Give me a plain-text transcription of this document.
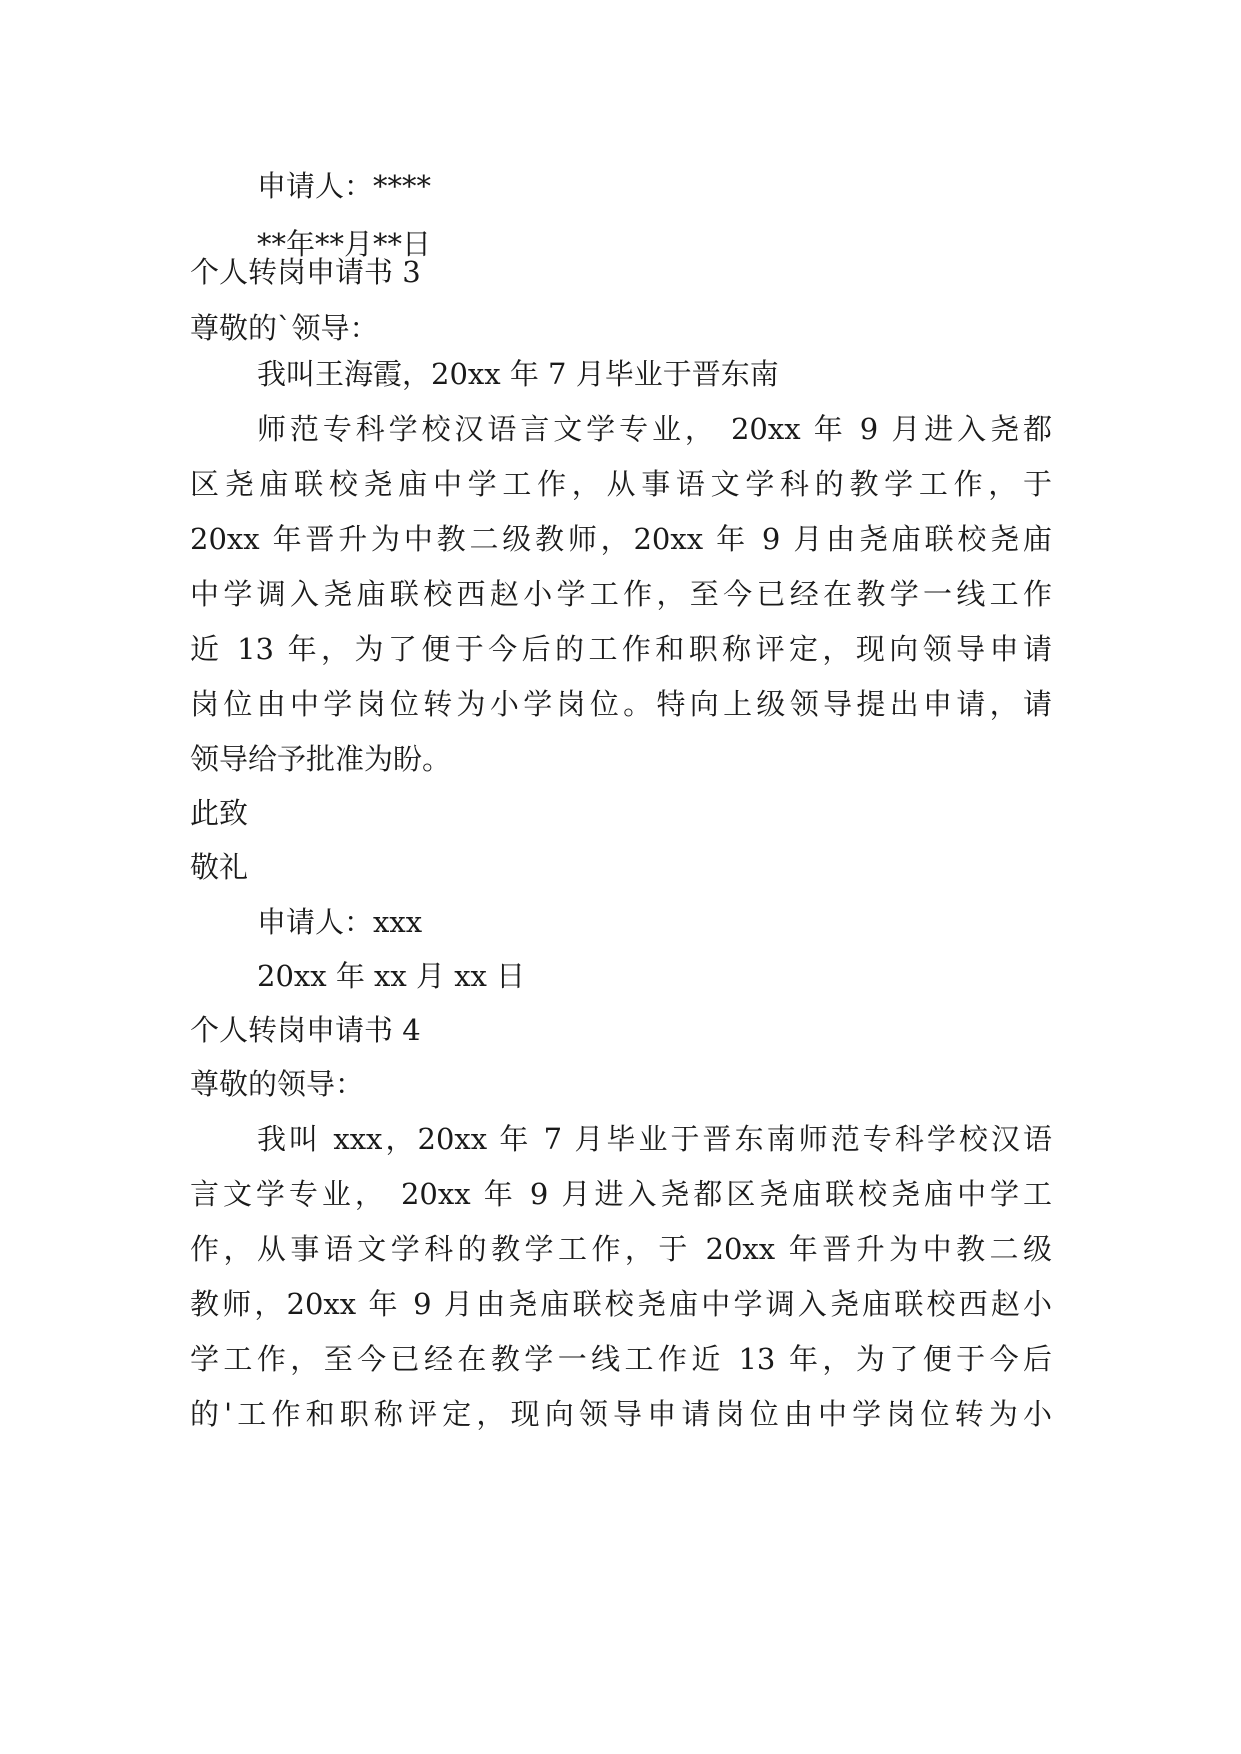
申请人：****
**年**月**日
个人转岗申请书 3
尊敬的`领导：
我叫王海霞，20xx 年 7 月毕业于晋东南
师范专科学校汉语言文学专业， 20xx 年 9 月进入尧都
区尧庙联校尧庙中学工作，从事语文学科的教学工作，于
20xx 年晋升为中教二级教师，20xx 年 9 月由尧庙联校尧庙
中学调入尧庙联校西赵小学工作，至今已经在教学一线工作
近 13 年，为了便于今后的工作和职称评定，现向领导申请
岗位由中学岗位转为小学岗位。特向上级领导提出申请，请
领导给予批准为盼。
此致
敬礼
申请人：xxx
20xx 年 xx 月 xx 日
个人转岗申请书 4
尊敬的领导：
我叫 xxx，20xx 年 7 月毕业于晋东南师范专科学校汉语
言文学专业， 20xx 年 9 月进入尧都区尧庙联校尧庙中学工
作，从事语文学科的教学工作，于 20xx 年晋升为中教二级
教师，20xx 年 9 月由尧庙联校尧庙中学调入尧庙联校西赵小
学工作，至今已经在教学一线工作近 13 年，为了便于今后
的'工作和职称评定，现向领导申请岗位由中学岗位转为小
